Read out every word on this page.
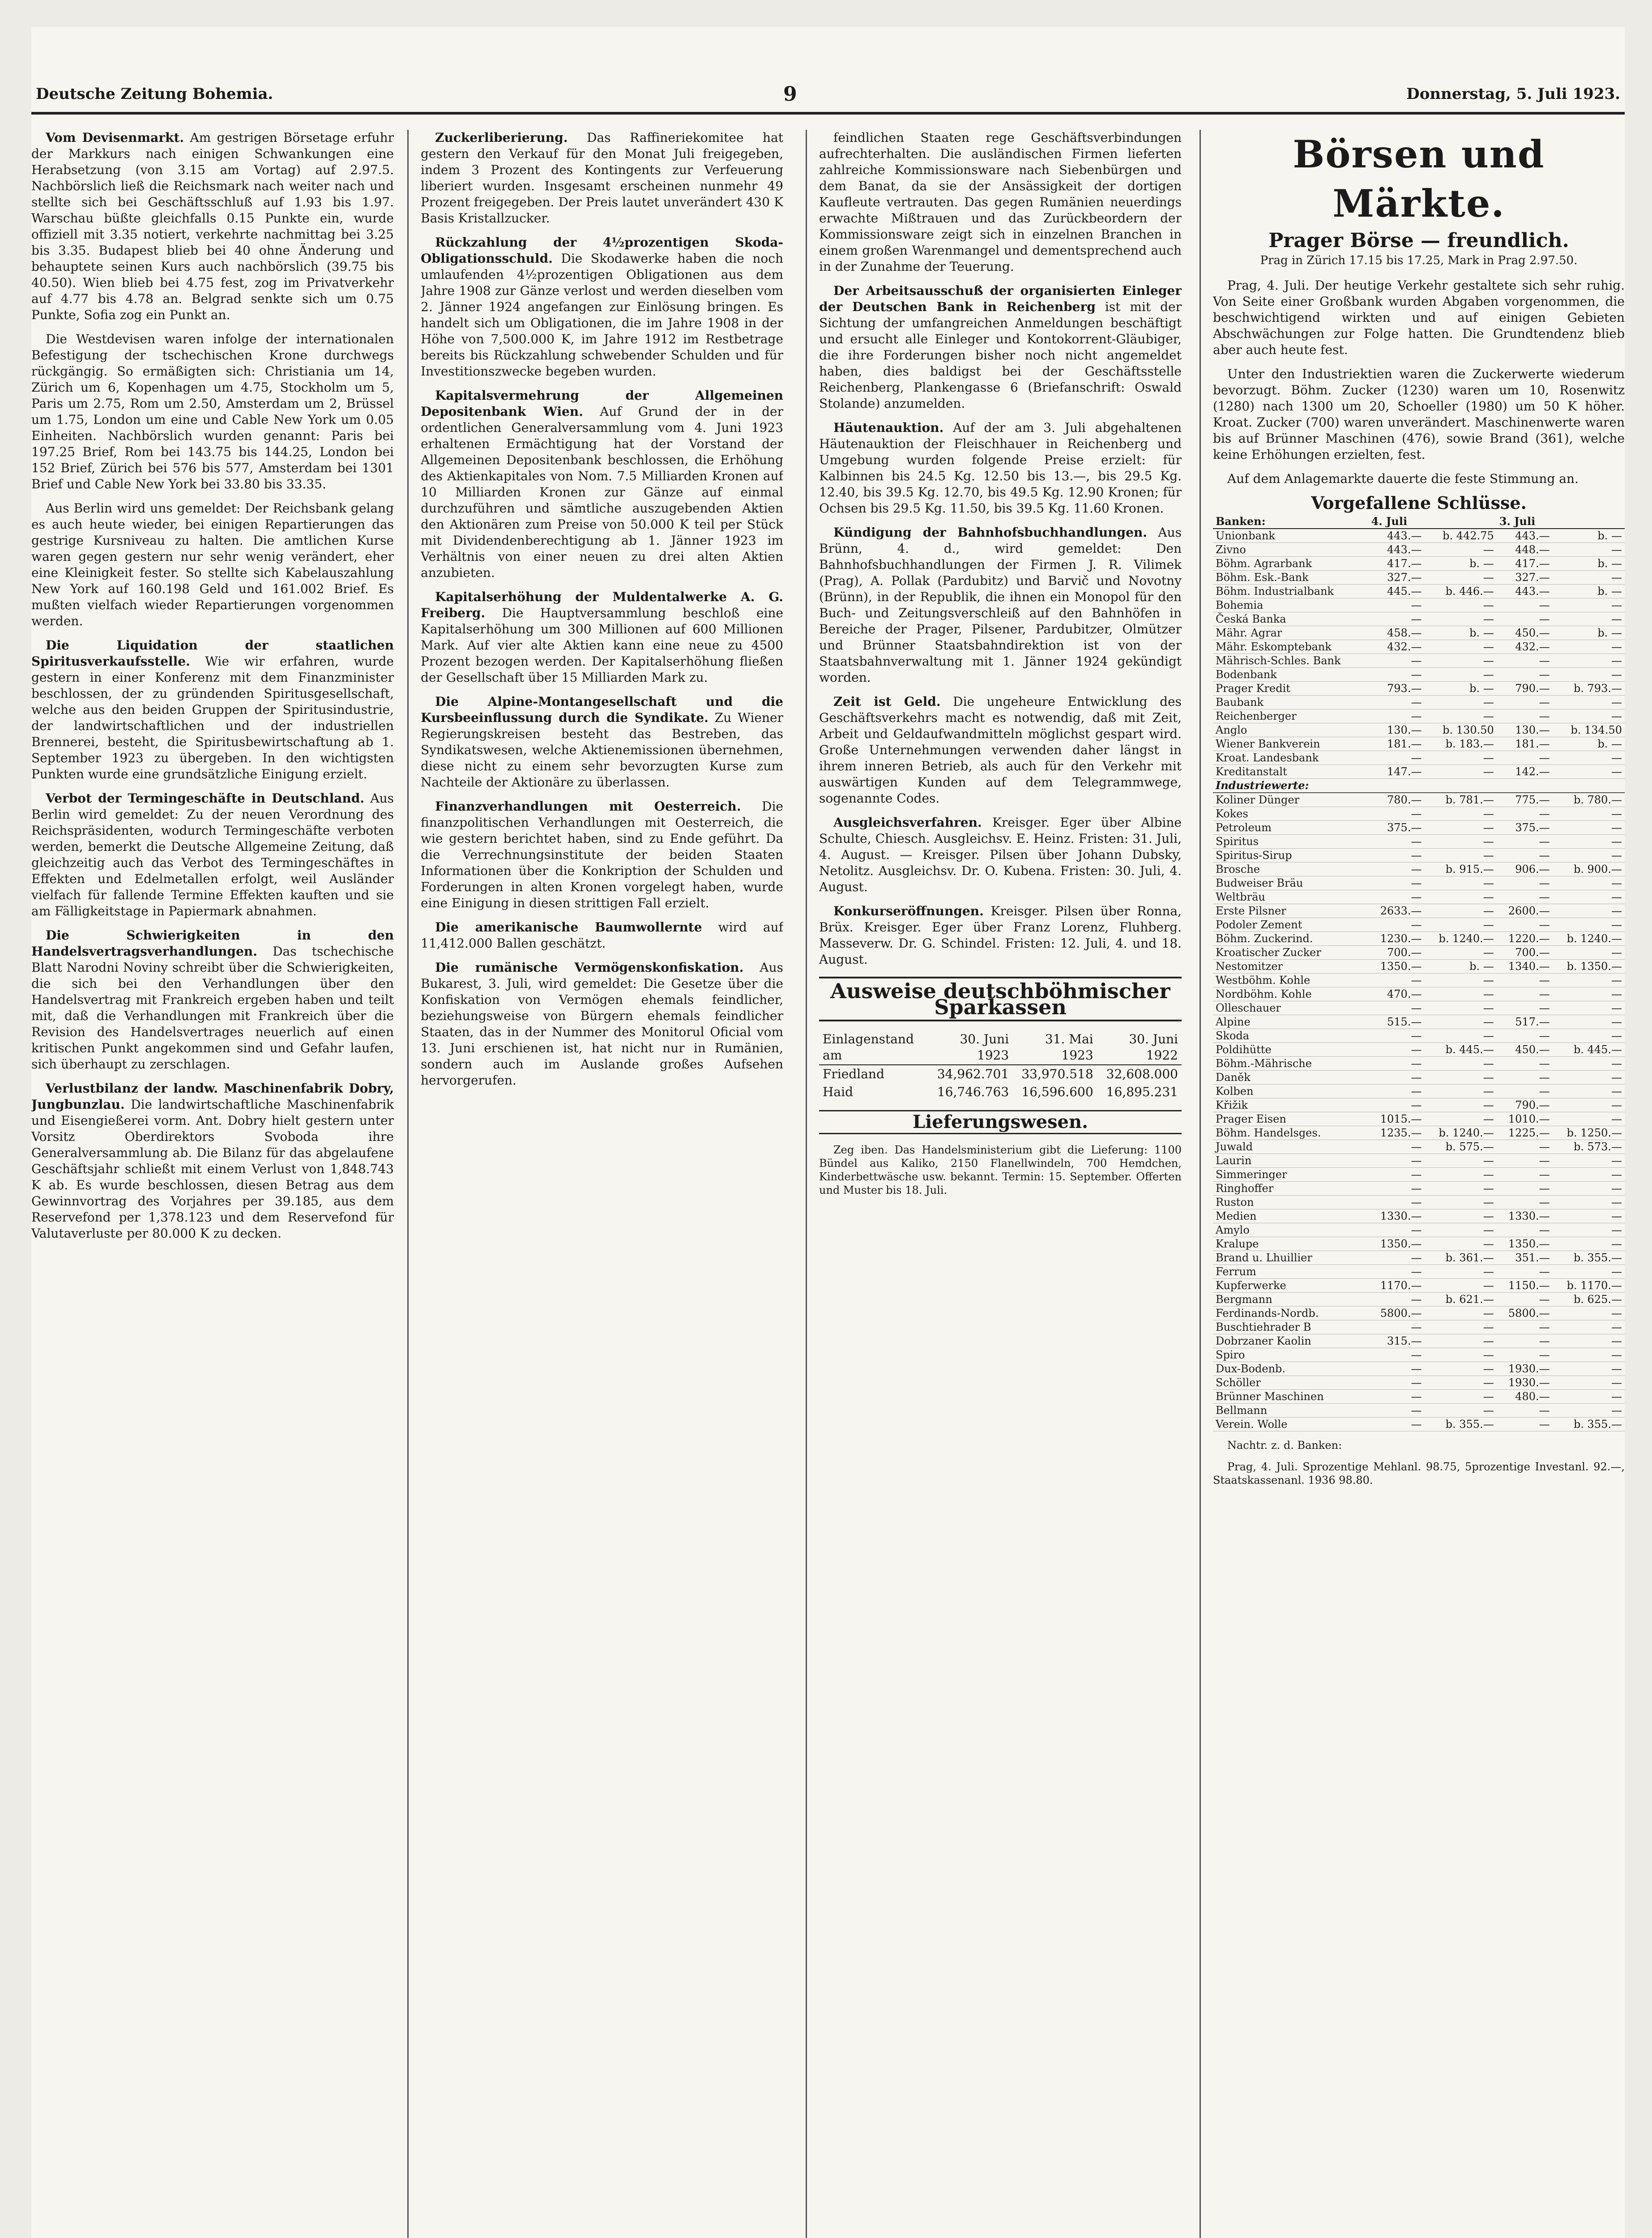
Deutsche Zeitung Bohemia.	9	Donnerstag, 5. Juli 1923.

Vom Devisenmarkt. Am gestrigen Börsetage erfuhr der Markkurs nach einigen Schwankungen eine Herabsetzung (von 3.15 am Vortag) auf 2.97.5. Nachbörslich ließ die Reichsmark nach weiter nach und stellte sich bei Geschäftsschluß auf 1.93 bis 1.97. Warschau büßte gleichfalls 0.15 Punkte ein, wurde offiziell mit 3.35 notiert, verkehrte nachmittag bei 3.25 bis 3.35. Budapest blieb bei 40 ohne Änderung und behauptete seinen Kurs auch nachbörslich (39.75 bis 40.50). Wien blieb bei 4.75 fest, zog im Privatverkehr auf 4.77 bis 4.78 an. Belgrad senkte sich um 0.75 Punkte, Sofia zog ein Punkt an.

Die Westdevisen waren infolge der internationalen Befestigung der tschechischen Krone durchwegs rückgängig. So ermäßigten sich: Christiania um 14, Zürich um 6, Kopenhagen um 4.75, Stockholm um 5, Paris um 2.75, Rom um 2.50, Amsterdam um 2, Brüssel um 1.75, London um eine und Cable New York um 0.05 Einheiten. Nachbörslich wurden genannt: Paris bei 197.25 Brief, Rom bei 143.75 bis 144.25, London bei 152 Brief, Zürich bei 576 bis 577, Amsterdam bei 1301 Brief und Cable New York bei 33.80 bis 33.35.

Aus Berlin wird uns gemeldet: Der Reichsbank gelang es auch heute wieder, bei einigen Repartierungen das gestrige Kursniveau zu halten. Die amtlichen Kurse waren gegen gestern nur sehr wenig verändert, eher eine Kleinigkeit fester. So stellte sich Kabelauszahlung New York auf 160.198 Geld und 161.002 Brief. Es mußten vielfach wieder Repartierungen vorgenommen werden.

Die Liquidation der staatlichen Spiritusverkaufsstelle. Wie wir erfahren, wurde gestern in einer Konferenz mit dem Finanzminister beschlossen, der zu gründenden Spiritusgesellschaft, welche aus den beiden Gruppen der Spiritusindustrie, der landwirtschaftlichen und der industriellen Brennerei, besteht, die Spiritusbewirtschaftung ab 1. September 1923 zu übergeben. In den wichtigsten Punkten wurde eine grundsätzliche Einigung erzielt.

Verbot der Termingeschäfte in Deutschland. Aus Berlin wird gemeldet: Zu der neuen Verordnung des Reichspräsidenten, wodurch Termingeschäfte verboten werden, bemerkt die Deutsche Allgemeine Zeitung, daß gleichzeitig auch das Verbot des Termingeschäftes in Effekten und Edelmetallen erfolgt, weil Ausländer vielfach für fallende Termine Effekten kauften und sie am Fälligkeitstage in Papiermark abnahmen.

Die Schwierigkeiten in den Handelsvertragsverhandlungen. Das tschechische Blatt Narodni Noviny schreibt über die Schwierigkeiten, die sich bei den Verhandlungen über den Handelsvertrag mit Frankreich ergeben haben und teilt mit, daß die Verhandlungen mit Frankreich über die Revision des Handelsvertrages neuerlich auf einen kritischen Punkt angekommen sind und Gefahr laufen, sich überhaupt zu zerschlagen.

Verlustbilanz der landw. Maschinenfabrik Dobry, Jungbunzlau. Die landwirtschaftliche Maschinenfabrik und Eisengießerei vorm. Ant. Dobry hielt gestern unter Vorsitz Oberdirektors Svoboda ihre Generalversammlung ab. Die Bilanz für das abgelaufene Geschäftsjahr schließt mit einem Verlust von 1,848.743 K ab. Es wurde beschlossen, diesen Betrag aus dem Gewinnvortrag des Vorjahres per 39.185, aus dem Reservefond per 1,378.123 und dem Reservefond für Valutaverluste per 80.000 K zu decken.

Zuckerliberierung. Das Raffineriekomitee hat gestern den Verkauf für den Monat Juli freigegeben, indem 3 Prozent des Kontingents zur Verfeuerung liberiert wurden. Insgesamt erscheinen nunmehr 49 Prozent freigegeben. Der Preis lautet unverändert 430 K Basis Kristallzucker.

Rückzahlung der 4½prozentigen Skoda-Obligationsschuld. Die Skodawerke haben die noch umlaufenden 4½prozentigen Obligationen aus dem Jahre 1908 zur Gänze verlost und werden dieselben vom 2. Jänner 1924 angefangen zur Einlösung bringen. Es handelt sich um Obligationen, die im Jahre 1908 in der Höhe von 7,500.000 K, im Jahre 1912 im Restbetrage bereits bis Rückzahlung schwebender Schulden und für Investitionszwecke begeben wurden.

Kapitalsvermehrung der Allgemeinen Depositenbank Wien. Auf Grund der in der ordentlichen Generalversammlung vom 4. Juni 1923 erhaltenen Ermächtigung hat der Vorstand der Allgemeinen Depositenbank beschlossen, die Erhöhung des Aktienkapitales von Nom. 7.5 Milliarden Kronen auf 10 Milliarden Kronen zur Gänze auf einmal durchzuführen und sämtliche auszugebenden Aktien den Aktionären zum Preise von 50.000 K teil per Stück mit Dividendenberechtigung ab 1. Jänner 1923 im Verhältnis von einer neuen zu drei alten Aktien anzubieten.

Kapitalserhöhung der Muldentalwerke A. G. Freiberg. Die Hauptversammlung beschloß eine Kapitalserhöhung um 300 Millionen auf 600 Millionen Mark. Auf vier alte Aktien kann eine neue zu 4500 Prozent bezogen werden. Der Kapitalserhöhung fließen der Gesellschaft über 15 Milliarden Mark zu.

Die Alpine-Montangesellschaft und die Kursbeeinflussung durch die Syndikate. Zu Wiener Regierungskreisen besteht das Bestreben, das Syndikatswesen, welche Aktienemissionen übernehmen, diese nicht zu einem sehr bevorzugten Kurse zum Nachteile der Aktionäre zu überlassen.

Finanzverhandlungen mit Oesterreich. Die finanzpolitischen Verhandlungen mit Oesterreich, die wie gestern berichtet haben, sind zu Ende geführt. Da die Verrechnungsinstitute der beiden Staaten Informationen über die Konkription der Schulden und Forderungen in alten Kronen vorgelegt haben, wurde eine Einigung in diesen strittigen Fall erzielt.

Die amerikanische Baumwollernte wird auf 11,412.000 Ballen geschätzt.

Die rumänische Vermögenskonfiskation. Aus Bukarest, 3. Juli, wird gemeldet: Die Gesetze über die Konfiskation von Vermögen ehemals feindlicher, beziehungsweise von Bürgern ehemals feindlicher Staaten, das in der Nummer des Monitorul Oficial vom 13. Juni erschienen ist, hat nicht nur in Rumänien, sondern auch im Auslande großes Aufsehen hervorgerufen.

feindlichen Staaten rege Geschäftsverbindungen aufrechterhalten. Die ausländischen Firmen lieferten zahlreiche Kommissionsware nach Siebenbürgen und dem Banat, da sie der Ansässigkeit der dortigen Kaufleute vertrauten. Das gegen Rumänien neuerdings erwachte Mißtrauen und das Zurückbeordern der Kommissionsware zeigt sich in einzelnen Branchen in einem großen Warenmangel und dementsprechend auch in der Zunahme der Teuerung.

Der Arbeitsausschuß der organisierten Einleger der Deutschen Bank in Reichenberg ist mit der Sichtung der umfangreichen Anmeldungen beschäftigt und ersucht alle Einleger und Kontokorrent-Gläubiger, die ihre Forderungen bisher noch nicht angemeldet haben, dies baldigst bei der Geschäftsstelle Reichenberg, Plankengasse 6 (Briefanschrift: Oswald Stolande) anzumelden.

Häutenauktion. Auf der am 3. Juli abgehaltenen Häutenauktion der Fleischhauer in Reichenberg und Umgebung wurden folgende Preise erzielt: für Kalbinnen bis 24.5 Kg. 12.50 bis 13.—, bis 29.5 Kg. 12.40, bis 39.5 Kg. 12.70, bis 49.5 Kg. 12.90 Kronen; für Ochsen bis 29.5 Kg. 11.50, bis 39.5 Kg. 11.60 Kronen.

Kündigung der Bahnhofsbuchhandlungen. Aus Brünn, 4. d., wird gemeldet: Den Bahnhofsbuchhandlungen der Firmen J. R. Vilimek (Prag), A. Pollak (Pardubitz) und Barvič und Novotny (Brünn), in der Republik, die ihnen ein Monopol für den Buch- und Zeitungsverschleiß auf den Bahnhöfen in Bereiche der Prager, Pilsener, Pardubitzer, Olmützer und Brünner Staatsbahndirektion ist von der Staatsbahnverwaltung mit 1. Jänner 1924 gekündigt worden.

Zeit ist Geld. Die ungeheure Entwicklung des Geschäftsverkehrs macht es notwendig, daß mit Zeit, Arbeit und Geldaufwandmitteln möglichst gespart wird. Große Unternehmungen verwenden daher längst in ihrem inneren Betrieb, als auch für den Verkehr mit auswärtigen Kunden auf dem Telegrammwege, sogenannte Codes.

Ausgleichsverfahren. Kreisger. Eger über Albine Schulte, Chiesch. Ausgleichsv. E. Heinz. Fristen: 31. Juli, 4. August. — Kreisger. Pilsen über Johann Dubsky, Netolitz. Ausgleichsv. Dr. O. Kubena. Fristen: 30. Juli, 4. August.

Konkurseröffnungen. Kreisger. Pilsen über Ronna, Brüx. Kreisger. Eger über Franz Lorenz, Fluhberg. Masseverw. Dr. G. Schindel. Fristen: 12. Juli, 4. und 18. August.

Ausweise deutschböhmischer Sparkassen
Einlagenstand am	30. Juni 1923	31. Mai 1923	30. Juni 1922
Friedland	34,962.701	33,970.518	32,608.000
Haid	16,746.763	16,596.600	16,895.231
Lieferungswesen.

Zeg iben. Das Handelsministerium gibt die Lieferung: 1100 Bündel aus Kaliko, 2150 Flanellwindeln, 700 Hemdchen, Kinderbettwäsche usw. bekannt. Termin: 15. September. Offerten und Muster bis 18. Juli.

Börsen und Märkte.
Prager Börse — freundlich.
Prag in Zürich 17.15 bis 17.25, Mark in Prag 2.97.50.

Prag, 4. Juli. Der heutige Verkehr gestaltete sich sehr ruhig. Von Seite einer Großbank wurden Abgaben vorgenommen, die beschwichtigend wirkten und auf einigen Gebieten Abschwächungen zur Folge hatten. Die Grundtendenz blieb aber auch heute fest.

Unter den Industriektien waren die Zuckerwerte wiederum bevorzugt. Böhm. Zucker (1230) waren um 10, Rosenwitz (1280) nach 1300 um 20, Schoeller (1980) um 50 K höher. Kroat. Zucker (700) waren unverändert. Maschinenwerte waren bis auf Brünner Maschinen (476), sowie Brand (361), welche keine Erhöhungen erzielten, fest.

Auf dem Anlagemarkte dauerte die feste Stimmung an.

Vorgefallene Schlüsse.
Banken:	4. Juli		3. Juli	
Unionbank	443.—	b. 442.75	443.—	b. —
Zivno	443.—	—	448.—	—
Böhm. Agrarbank	417.—	b. —	417.—	b. —
Böhm. Esk.-Bank	327.—	—	327.—	—
Böhm. Industrialbank	445.—	b. 446.—	443.—	b. —
Bohemia	—	—	—	—
Česká Banka	—	—	—	—
Mähr. Agrar	458.—	b. —	450.—	b. —
Mähr. Eskomptebank	432.—	—	432.—	—
Mährisch-Schles. Bank	—	—	—	—
Bodenbank	—	—	—	—
Prager Kredit	793.—	b. —	790.—	b. 793.—
Baubank	—	—	—	—
Reichenberger	—	—	—	—
Anglo	130.—	b. 130.50	130.—	b. 134.50
Wiener Bankverein	181.—	b. 183.—	181.—	b. —
Kroat. Landesbank	—	—	—	—
Kreditanstalt	147.—	—	142.—	—
Industriewerte:				
Koliner Dünger	780.—	b. 781.—	775.—	b. 780.—
Kokes	—	—	—	—
Petroleum	375.—	—	375.—	—
Spiritus	—	—	—	—
Spiritus-Sirup	—	—	—	—
Brosche	—	b. 915.—	906.—	b. 900.—
Budweiser Bräu	—	—	—	—
Weltbräu	—	—	—	—
Erste Pilsner	2633.—	—	2600.—	—
Podoler Zement	—	—	—	—
Böhm. Zuckerind.	1230.—	b. 1240.—	1220.—	b. 1240.—
Kroatischer Zucker	700.—	—	700.—	—
Nestomitzer	1350.—	b. —	1340.—	b. 1350.—
Westböhm. Kohle	—	—	—	—
Nordböhm. Kohle	470.—	—	—	—
Olleschauer	—	—	—	—
Alpine	515.—	—	517.—	—
Skoda	—	—	—	—
Poldihütte	—	b. 445.—	450.—	b. 445.—
Böhm.-Mährische	—	—	—	—
Daněk	—	—	—	—
Kolben	—	—	—	—
Křižik	—	—	790.—	—
Prager Eisen	1015.—	—	1010.—	—
Böhm. Handelsges.	1235.—	b. 1240.—	1225.—	b. 1250.—
Juwald	—	b. 575.—	—	b. 573.—
Laurin	—	—	—	—
Simmeringer	—	—	—	—
Ringhoffer	—	—	—	—
Ruston	—	—	—	—
Medien	1330.—	—	1330.—	—
Amylo	—	—	—	—
Kralupe	1350.—	—	1350.—	—
Brand u. Lhuillier	—	b. 361.—	351.—	b. 355.—
Ferrum	—	—	—	—
Kupferwerke	1170.—	—	1150.—	b. 1170.—
Bergmann	—	b. 621.—	—	b. 625.—
Ferdinands-Nordb.	5800.—	—	5800.—	—
Buschtiehrader B	—	—	—	—
Dobrzaner Kaolin	315.—	—	—	—
Spiro	—	—	—	—
Dux-Bodenb.	—	—	1930.—	—
Schöller	—	—	1930.—	—
Brünner Maschinen	—	—	480.—	—
Bellmann	—	—	—	—
Verein. Wolle	—	b. 355.—	—	b. 355.—

Nachtr. z. d. Banken:

Prag, 4. Juli. Sprozentige Mehlanl. 98.75, 5prozentige Investanl. 92.—, Staatskassenanl. 1936 98.80.
